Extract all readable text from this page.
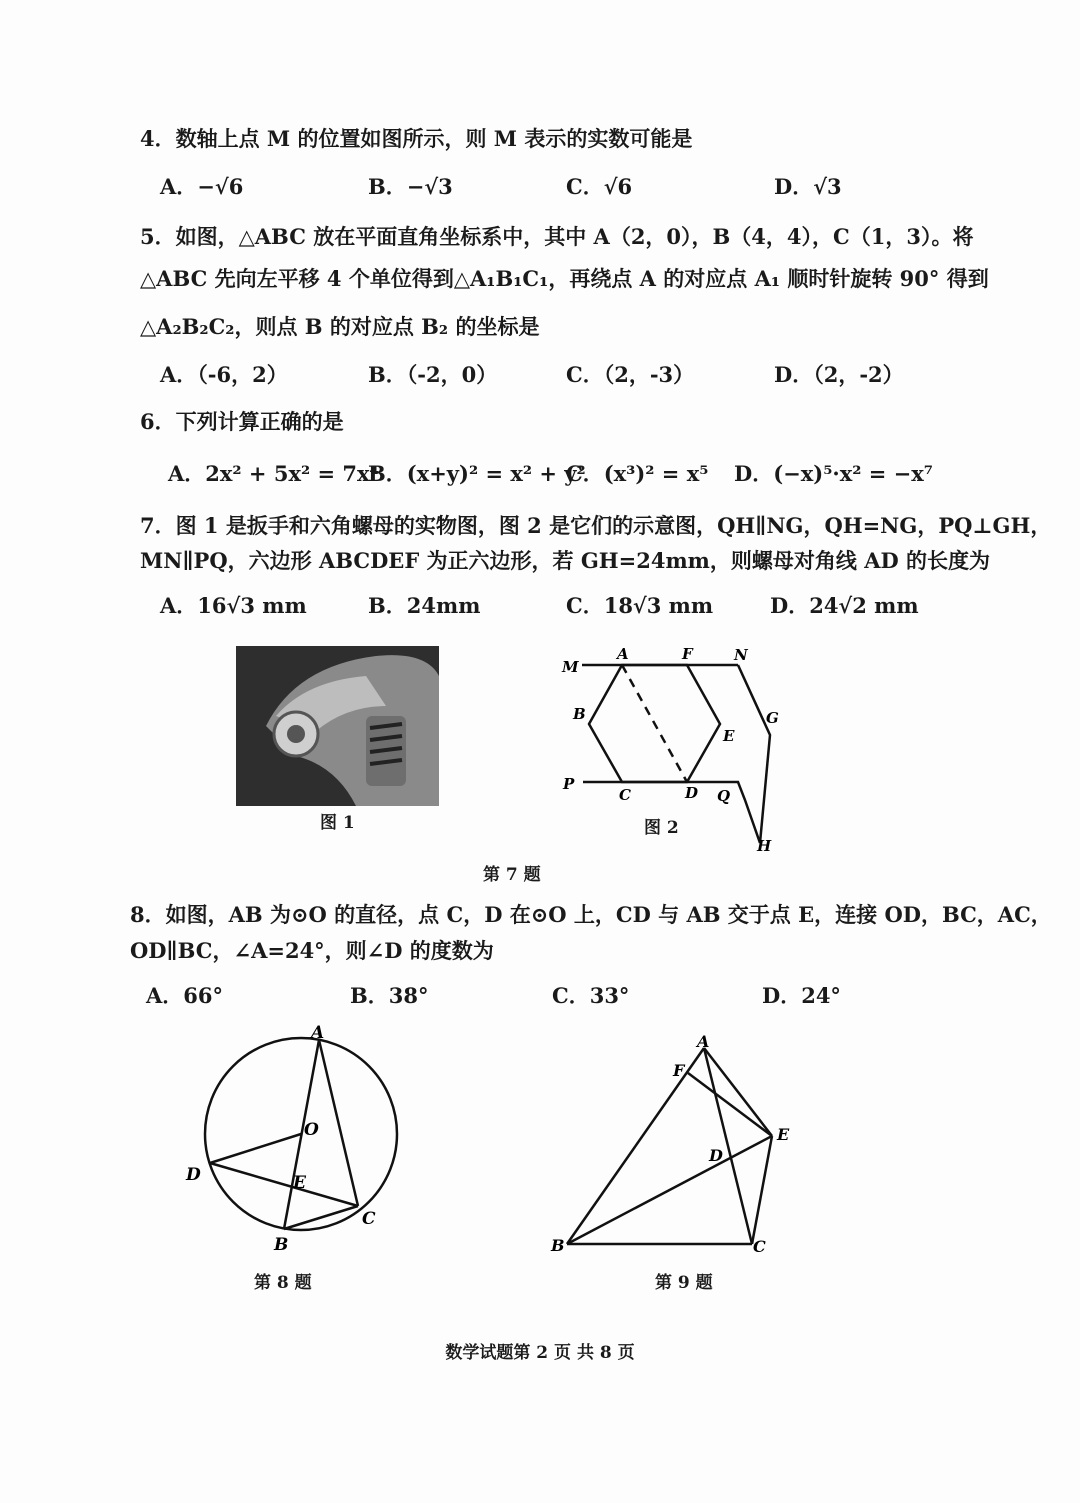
4．数轴上点 M 的位置如图所示，则 M 表示的实数可能是
A．−√6	B．−√3	C．√6	D．√3
5．如图，△ABC 放在平面直角坐标系中，其中 A（2，0），B（4，4），C（1，3）。将
△ABC 先向左平移 4 个单位得到△A₁B₁C₁，再绕点 A 的对应点 A₁ 顺时针旋转 90° 得到
△A₂B₂C₂，则点 B 的对应点 B₂ 的坐标是
A．（-6，2）	B．（-2，0）	C．（2，-3）	D．（2，-2）
6．下列计算正确的是
A．2x² + 5x² = 7x⁴
B．(x+y)² = x² + y²
C．(x³)² = x⁵ D．(−x)⁵·x² = −x⁷
7．图 1 是扳手和六角螺母的实物图，图 2 是它们的示意图，QH∥NG，QH=NG，PQ⊥GH，
MN∥PQ，六边形 ABCDEF 为正六边形，若 GH=24mm，则螺母对角线 AD 的长度为
A．16√3 mm	B．24mm	C．18√3 mm	D．24√2 mm
图 1
M
A	F	N
B	G
E
P
C	D Q
H
图 2
第 7 题
8．如图，AB 为⊙O 的直径，点 C，D 在⊙O 上，CD 与 AB 交于点 E，连接 OD，BC，AC，
OD∥BC，∠A=24°，则∠D 的度数为
A．66°	B．38°	C．33°	D．24°
A
O
D	E
C
B
第 8 题
A
F
E
D
B	C
第 9 题
数学试题第 2 页 共 8 页
